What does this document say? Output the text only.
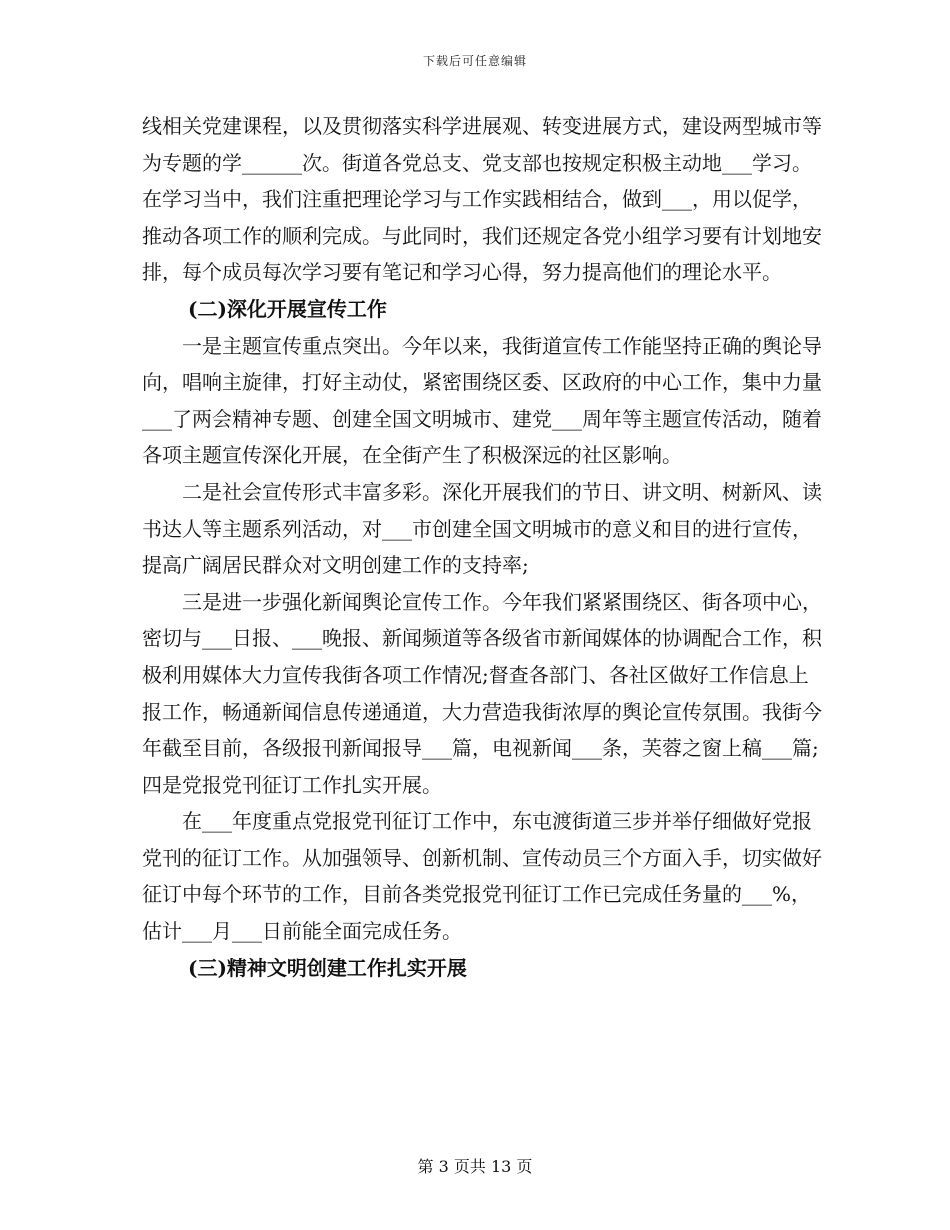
下载后可任意编辑

线相关党建课程，以及贯彻落实科学进展观、转变进展方式，建设两型城市等为专题的学______次。街道各党总支、党支部也按规定积极主动地___学习。在学习当中，我们注重把理论学习与工作实践相结合，做到___，用以促学，推动各项工作的顺利完成。与此同时，我们还规定各党小组学习要有计划地安排，每个成员每次学习要有笔记和学习心得，努力提高他们的理论水平。

(二)深化开展宣传工作

一是主题宣传重点突出。今年以来，我街道宣传工作能坚持正确的舆论导向，唱响主旋律，打好主动仗，紧密围绕区委、区政府的中心工作，集中力量___了两会精神专题、创建全国文明城市、建党___周年等主题宣传活动，随着各项主题宣传深化开展，在全街产生了积极深远的社区影响。

二是社会宣传形式丰富多彩。深化开展我们的节日、讲文明、树新风、读书达人等主题系列活动，对___市创建全国文明城市的意义和目的进行宣传，提高广阔居民群众对文明创建工作的支持率;

三是进一步强化新闻舆论宣传工作。今年我们紧紧围绕区、街各项中心，密切与___日报、___晚报、新闻频道等各级省市新闻媒体的协调配合工作，积极利用媒体大力宣传我街各项工作情况;督查各部门、各社区做好工作信息上报工作，畅通新闻信息传递通道，大力营造我街浓厚的舆论宣传氛围。我街今年截至目前，各级报刊新闻报导___篇，电视新闻___条，芙蓉之窗上稿___篇;四是党报党刊征订工作扎实开展。

在___年度重点党报党刊征订工作中，东屯渡街道三步并举仔细做好党报党刊的征订工作。从加强领导、创新机制、宣传动员三个方面入手，切实做好征订中每个环节的工作，目前各类党报党刊征订工作已完成任务量的___%，估计___月___日前能全面完成任务。

(三)精神文明创建工作扎实开展

第 3 页共 13 页
